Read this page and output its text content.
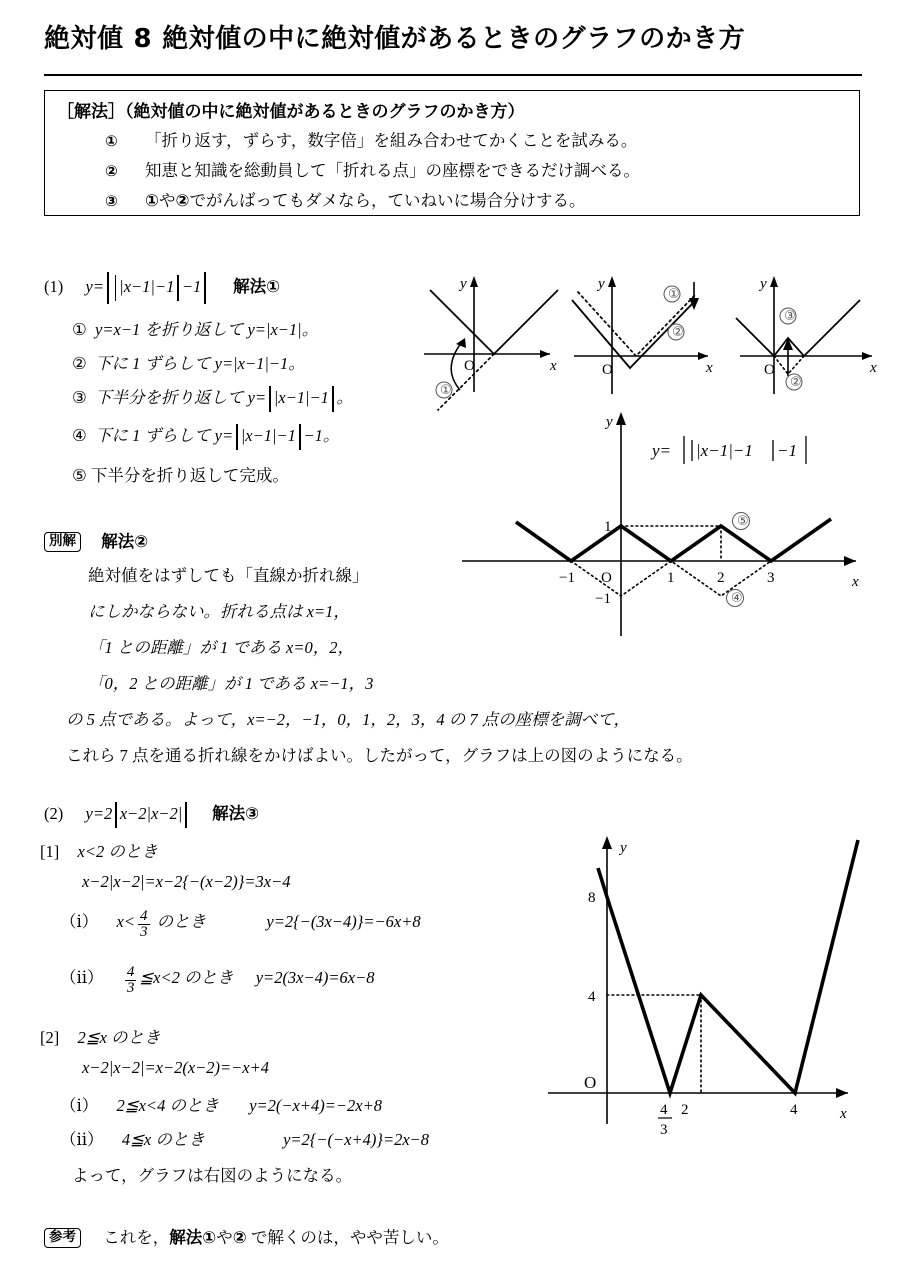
絶対値 8 絶対値の中に絶対値があるときのグラフのかき方
［解法］（絶対値の中に絶対値があるときのグラフのかき方）
① 「折り返す，ずらす，数字倍」を組み合わせてかくことを試みる。
② 知恵と知識を総動員して「折れる点」の座標をできるだけ調べる。
③ ①や②でがんばってもダメなら，ていねいに場合分けする。
(1) y= |x−1|−1 −1 解法①
①  y=x−1 を折り返して y=|x−1|。
②  下に 1 ずらして y=|x−1|−1。
③  下半分を折り返して y= |x−1|−1 。
④  下に 1 ずらして y= |x−1|−1 −1。
⑤ 下半分を折り返して完成。
y
x
O
①
y
x
O
①
②
y
x
O
③
②
y
x
y= |x−1|−1 −1
−1 O	1	2	3
1
−1	④
⑤
別解 解法②
絶対値をはずしても「直線か折れ線」
にしかならない。折れる点は x=1，
「1 との距離」が 1 である x=0，2，
「0，2 との距離」が 1 である x=−1，3
の 5 点である。よって，x=−2，−1，0，1，2，3，4 の 7 点の座標を調べて，
これら 7 点を通る折れ線をかけばよい。したがって，グラフは上の図のようになる。
(2) y=2 x−2|x−2| 解法③
[1] x<2 のとき
x−2|x−2|=x−2{−(x−2)}=3x−4
（ⅰ） $x< \frac{4}{3}$ のとき	y=2{−(3x−4)}=−6x+8
（ⅱ） $\frac{4}{3}$ ≦x<2 のとき y=2(3x−4)=6x−8
[2] 2≦x のとき
x−2|x−2|=x−2(x−2)=−x+4
（ⅰ） 2≦x<4 のとき y=2(−x+4)=−2x+8
（ⅱ） 4≦x のとき	y=2{−(−x+4)}=2x−8
よって，グラフは右図のようになる。
y
x
O
8
4
4
3
2	4
参考 これを，解法①や② で解くのは，やや苦しい。
